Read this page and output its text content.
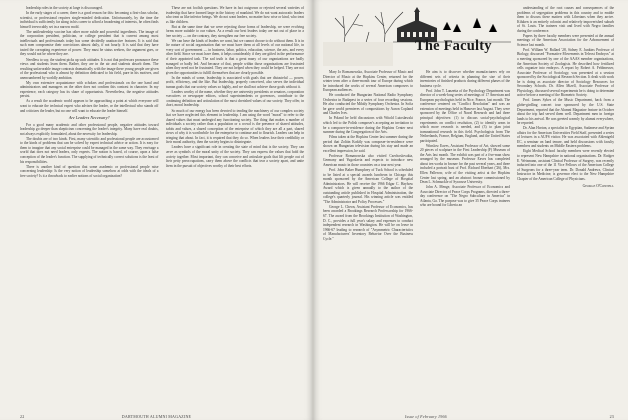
leadership roles in the society at large is discouraged.

In the early stages of a career, there is a good reason for this: becoming a first-class scholar, scientist, or professional requires single-minded dedication. Unfortunately, by the time the individual is sufficiently far along in his career to afford a broadening of interests, he often finds himself irrevocably set in a narrow mold.

The antileadership vaccine has other more subtle and powerful ingredients. The image of the corporation president, politician, or college president that is current among most intellectuals and professionals today has some decidedly unattractive features. It is said that such men compromise their convictions almost daily, if not hourly. It is said that they have tasted the corrupting experience of power. They must be status seekers, the argument goes, or they would not be where they are.

Needless to say, the student picks up such attitudes. It is not that professors pronounce these views and students learn them. Rather, they are in the air and students absorb them. The resulting unfavorable image contrasts dramatically with the image these young people are given of the professional who is almost by definition dedicated to his field, pure in his motives, and unencumbered by worldly ambition.

My own extensive acquaintance with scholars and professionals on the one hand and administrators and managers on the other does not confirm this contrast in character. In my experience, each category has its share of opportunists. Nevertheless, the negative attitudes persist.

As a result the academic world appears to be approaching a point at which everyone will want to educate the technical expert who advises the leader, or the intellectual who stands off and criticizes the leader, but no one will want to educate the leader himself.

Are Leaders Necessary?

For a good many academic and other professional people, negative attitudes toward leadership go deeper than skepticism concerning the leader's integrity. Many have real doubts, not always explicitly formulated, about the necessity for leadership.

The doubts are of two kinds. First, many scientific and professional people are accustomed to the kinds of problems that can be solved by expert technical advice or action. It is easy for them to imagine that any social enterprise could be managed in the same way. They envisage a world that does not need leaders, only experts. The notion is based, of course, upon a false conception of the leader's function. The supplying of technically correct solutions is the least of his responsibilities.

There is another kind of question that some academic or professional people raise concerning leadership: Is the very notion of leadership somehow at odds with the ideals of a free society? Is it a throwback to earlier notions of social organization?

These are not foolish questions. We have in fact outgrown or rejected several varieties of leadership that have loomed large in the history of mankind. We do not want autocratic leaders who treat us like inferior beings. We do not want leaders, no matter how wise or kind, who treat us like children.

But at the same time that we were rejecting those forms of leadership, we were evolving forms more suitable to our values. As a result our best leaders today are not out of place in a free society — on the contrary, they strengthen our free society.

We can have the kinds of leaders we want, but we cannot choose to do without them. It is in the nature of social organization that we must have them at all levels of our national life, in every sort of government — in business, labor, politics, education, science, the arts, and every other field. Since we must have them, it helps considerably if they are gifted in the performance of their appointed task. The sad truth is that a great many of our organizations are badly managed or badly led. And because of that, people within those organizations are frustrated when they need not be frustrated. They are not helped when they could be helped. They are not given the opportunities to fulfill themselves that are clearly possible.

In the minds of some, leadership is associated with goals that are distasteful — power, profit, efficiency, and the like. But leadership, properly conceived, also serves the individual human goals that our society values so highly, and we shall not achieve those goals without it.

Leaders worthy of the name, whether they are university presidents or senators, corporation executives or newspaper editors, school superintendents or governors, contribute to the continuing definition and articulation of the most cherished values of our society. They offer, in short, moral leadership.

So much of our energy has been devoted to tending the machinery of our complex society that we have neglected this element in leadership. I am using the word "moral" to refer to the shared values that must undergird any functioning society. The thing that makes a number of individuals a society rather than a population or a crowd is the presence of shared attitudes, habits and values, a shared conception of the enterprise of which they are all a part, shared views of why it is worthwhile for the enterprise to continue and to flourish. Leaders can help in bringing that about. In fact, it is required that they do so. When leaders lose their credibility or their moral authority, then the society begins to disintegrate.

Leaders have a significant role in creating the state of mind that is the society. They can serve as symbols of the moral unity of the society. They can express the values that hold the society together. Most important, they can conceive and articulate goals that lift people out of their petty preoccupations, carry them above the conflicts that tear a society apart, and unite them in the pursuit of objectives worthy of their best efforts.

22	DARTMOUTH ALUMNI MAGAZINE
The Faculty

Mary Jo Romanowska, Associate Professor of Music and Director of Music at the Hopkins Center, returned for the winter term after a three-month tour of Europe during which he introduced the works of several American composers to European audiences.

He conducted the Hungarian National Radio Symphony Orchestra in Budapest in a series of four recording sessions. He also conducted the Mihály Symphony Orchestra. In Sofia he gave world premieres of compositions by Aaron Copland and Charles Ives.

In Poland he held discussions with Witold Lutosławski which led to the Polish composer's accepting an invitation to be a composer-in-residence during the Hopkins Center next summer during the Congregation of the Arts.

Films taken at the Hopkins Center last summer during the period that Zoltán Kodály was composer-in-residence were shown on Hungarian television during his stay and made an excellent impression, he said.

Professor Romanowska also visited Czechoslovakia, Germany and Yugoslavia and expects to introduce new American music in those countries on a tour next year.

Prof. John Baker Humphrey of Tuck School is scheduled to be listed at a special awards luncheon in Chicago this month sponsored by the American College of Hospital Administrators. He will receive the 1966 Edgar C. Hayhow Award which is given annually to the author of the outstanding article published in Hospital Administration, the college's quarterly journal. His winning article was entitled "The Administrator and Policy Processes."

George L. Cheon, Assistant Professor of Economics, has been awarded a Brookings Research Professorship for 1966-67. The award from the Brookings Institution of Washington, D. C., provides a full year's salary and expenses to conduct independent research in Washington. He will be on leave in 1966-67 leading to research of "Asymmetric Characteristics of Manufacturers' Inventory Behavior Over the Business Cycle."

He aim is to discover whether manufacturers rely on different sets of criteria in planning the size of their inventories of finished products during different phases of the business cycle.

Prof. John T. Lanzetta of the Psychology Department was director of a week-long series of meetings of 17 American and European psychologists held in Nice, France, last month. The conference centered on "Conflict Resolution" and was an extension of meetings held in Hanover last August. They were sponsored by the Office of Naval Research and had three principal objectives: (1) to discuss social-psychological experiments on conflict resolution, (2) to identify areas in which more research is needed, and (3) to plan joint transnational research in this field. Psychologists from The Netherlands, France, Belgium, England, and the United States participated.

Winslow Eaves, Assistant Professor of Art, showed some 20 pieces of sculpture in the First Leadership (F) Museum of the Arts last month. The exhibit was part of a five-man show arranged by the museum. Professor Eaves has completed about ten works in bronze for the past several years, and three included a portrait bust of Prof. Richard Eberhart ('26), Mrs. Ellen Pallerow, wife of the visiting artist at the Hopkins Center last spring, and an abstract bronze commissioned by Dean L. Schmuckle of Syracuse University.

John A. Menge, Associate Professor of Economics and Associate Director of Peace Corps Programs, directed a three-day conference on "The Negro Subculture in America" in Atlanta, Ga. The purpose was to give 35 Peace Corps trainees who are bound for Liberia an

understanding of the root causes and consequences of the problems of segregation problems in this country and to enable them to discuss these matters with Liberians when they arrive. Kiluken is an entirely colonist and relatively impoverished suburb of St. Louis. The trainees visit and lived with Negro families during the conference.

Papers by three faculty members were presented at the annual meetings of the American Association for the Advancement of Science last month.

Prof. William W. Ballard '28, Sidney E. Junkins Professor of Biology, discussed "Formative Movements in Teleost Embryos" at a meeting sponsored by one of the AAAS member organizations, the American Society of Zoologists. He described how fertilized cells organize into embryos. A report by Robert A. Feldmesser, Associate Professor of Sociology, was presented at a session sponsored by the Sociological Research Section. It dealt with work he is doing as associate director of Sociology Resources for Secondary Schools. Dr. Allen Mizell, Associate Professor of Physiology, discussed several experiments he is doing to determine active before a meeting of the Biometric Society.

Prof. James Sykes of the Music Department, back from a globe-girdling concert tour sponsored by the U.S. State Department, reported that the Alumni Magazine feature in October about the trip had served them well. Department men in foreign lands to his arrival. He was greeted warmly by alumni everywhere, he reported.

Dr. Alan Horton, a specialist in Egyptian, Sudanese and Syrian affairs for the American Universities Field Staff, presented a series of lectures in a AUFS visitor. He was associated with Ahlentgeld EC, a seminar on land tenure, and held discussions with faculty members and students on Middle Eastern problems.

Eight Medical School faculty members were recently elected to represent New Hampshire in national organizations. Dr. Rodger E. Weismann, assistant Clinical Professor of Surgery, was recently inducted into one of the 11 Vice Fellows of the American College of Surgeons for a three-year term. Dr. Donald Andrews, Clinical Instructor in Medicine, is governor elect to the New Hampshire Chapter of the American College of Physicians.

George O'Connell
Issue of February 1966	23
